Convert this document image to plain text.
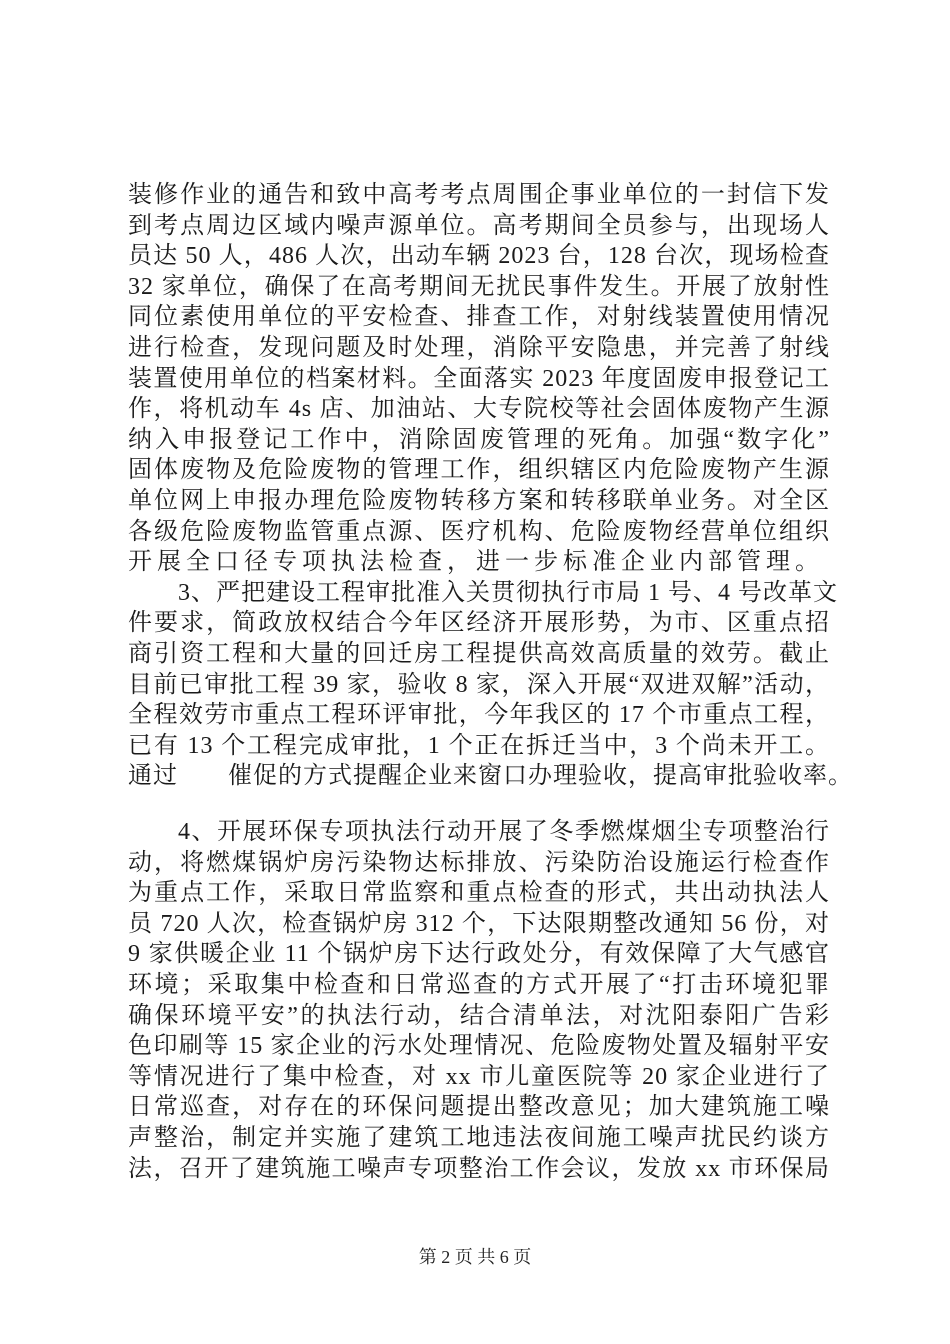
装修作业的通告和致中高考考点周围企事业单位的一封信下发
到考点周边区域内噪声源单位。高考期间全员参与，出现场人
员达 50 人，486 人次，出动车辆 2023 台，128 台次，现场检查
32 家单位，确保了在高考期间无扰民事件发生。开展了放射性
同位素使用单位的平安检查、排查工作，对射线装置使用情况
进行检查，发现问题及时处理，消除平安隐患，并完善了射线
装置使用单位的档案材料。全面落实 2023 年度固废申报登记工
作，将机动车 4s 店、加油站、大专院校等社会固体废物产生源
纳入申报登记工作中，消除固废管理的死角。加强“数字化”
固体废物及危险废物的管理工作，组织辖区内危险废物产生源
单位网上申报办理危险废物转移方案和转移联单业务。对全区
各级危险废物监管重点源、医疗机构、危险废物经营单位组织
开展全口径专项执法检查，进一步标准企业内部管理。
3、严把建设工程审批准入关贯彻执行市局 1 号、4 号改革文
件要求，简政放权结合今年区经济开展形势，为市、区重点招
商引资工程和大量的回迁房工程提供高效高质量的效劳。截止
目前已审批工程 39 家，验收 8 家，深入开展“双进双解”活动，
全程效劳市重点工程环评审批，今年我区的 17 个市重点工程，
已有 13 个工程完成审批，1 个正在拆迁当中，3 个尚未开工。
通过　　催促的方式提醒企业来窗口办理验收，提高审批验收率。
4、开展环保专项执法行动开展了冬季燃煤烟尘专项整治行
动，将燃煤锅炉房污染物达标排放、污染防治设施运行检查作
为重点工作，采取日常监察和重点检查的形式，共出动执法人
员 720 人次，检查锅炉房 312 个，下达限期整改通知 56 份，对
9 家供暖企业 11 个锅炉房下达行政处分，有效保障了大气感官
环境；采取集中检查和日常巡查的方式开展了“打击环境犯罪
确保环境平安”的执法行动，结合清单法，对沈阳泰阳广告彩
色印刷等 15 家企业的污水处理情况、危险废物处置及辐射平安
等情况进行了集中检查，对 xx 市儿童医院等 20 家企业进行了
日常巡查，对存在的环保问题提出整改意见；加大建筑施工噪
声整治，制定并实施了建筑工地违法夜间施工噪声扰民约谈方
法，召开了建筑施工噪声专项整治工作会议，发放 xx 市环保局
第 2 页 共 6 页
